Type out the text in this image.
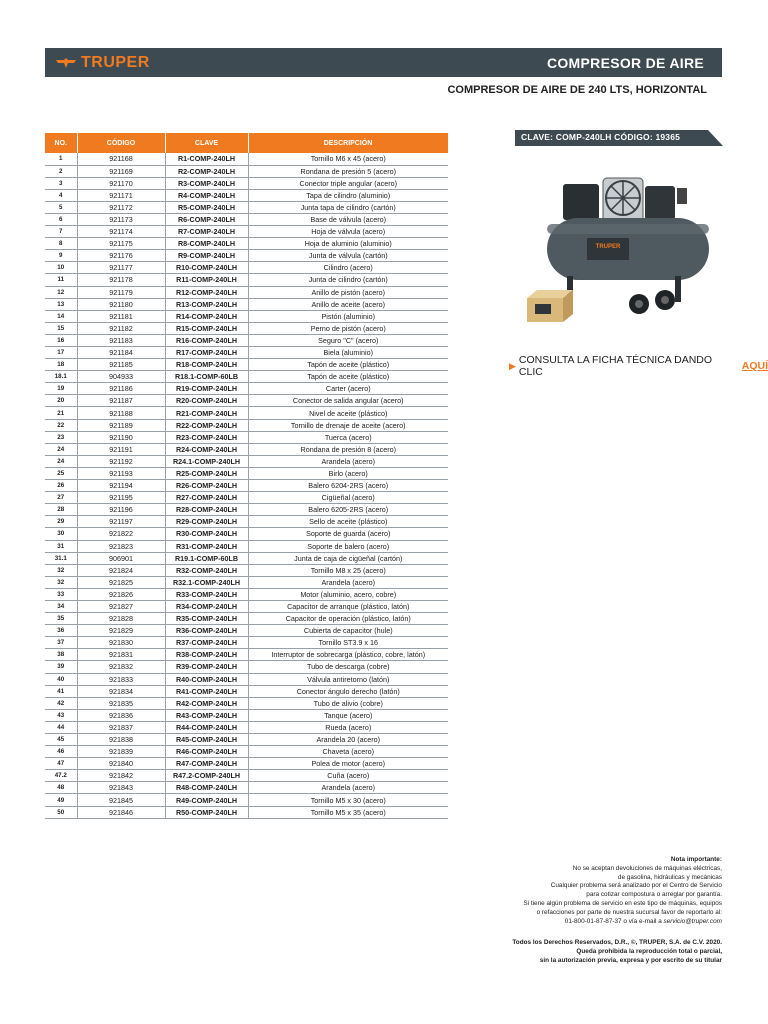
TRUPER	COMPRESOR DE AIRE
COMPRESOR DE AIRE DE 240 LTS, HORIZONTAL
NO.	CÓDIGO	CLAVE	DESCRIPCIÓN
1	921168	R1-COMP-240LH	Tornillo M6 x 45 (acero)
2	921169	R2-COMP-240LH	Rondana de presión 5 (acero)
3	921170	R3-COMP-240LH	Conector triple angular (acero)
4	921171	R4-COMP-240LH	Tapa de cilindro (aluminio)
5	921172	R5-COMP-240LH	Junta tapa de cilindro (cartón)
6	921173	R6-COMP-240LH	Base de válvula (acero)
7	921174	R7-COMP-240LH	Hoja de válvula (acero)
8	921175	R8-COMP-240LH	Hoja de aluminio (aluminio)
9	921176	R9-COMP-240LH	Junta de válvula (cartón)
10	921177	R10-COMP-240LH	Cilindro (acero)
11	921178	R11-COMP-240LH	Junta de cilindro (cartón)
12	921179	R12-COMP-240LH	Anillo de pistón (acero)
13	921180	R13-COMP-240LH	Anillo de aceite (acero)
14	921181	R14-COMP-240LH	Pistón (aluminio)
15	921182	R15-COMP-240LH	Perno de pistón (acero)
16	921183	R16-COMP-240LH	Seguro "C" (acero)
17	921184	R17-COMP-240LH	Biela (aluminio)
18	921185	R18-COMP-240LH	Tapón de aceite (plástico)
18.1	904933	R18.1-COMP-60LB	Tapón de aceite (plástico)
19	921186	R19-COMP-240LH	Carter (acero)
20	921187	R20-COMP-240LH	Conector de salida angular (acero)
21	921188	R21-COMP-240LH	Nivel de aceite (plástico)
22	921189	R22-COMP-240LH	Tornillo de drenaje de aceite (acero)
23	921190	R23-COMP-240LH	Tuerca (acero)
24	921191	R24-COMP-240LH	Rondana de presión 8 (acero)
24	921192	R24.1-COMP-240LH	Arandela (acero)
25	921193	R25-COMP-240LH	Birlo (acero)
26	921194	R26-COMP-240LH	Balero 6204-2RS (acero)
27	921195	R27-COMP-240LH	Cigüeñal (acero)
28	921196	R28-COMP-240LH	Balero 6205-2RS (acero)
29	921197	R29-COMP-240LH	Sello de aceite (plástico)
30	921822	R30-COMP-240LH	Soporte de guarda (acero)
31	921823	R31-COMP-240LH	Soporte de balero (acero)
31.1	906901	R19.1-COMP-60LB	Junta de caja de cigüeñal (cartón)
32	921824	R32-COMP-240LH	Tornillo M8 x 25 (acero)
32	921825	R32.1-COMP-240LH	Arandela (acero)
33	921826	R33-COMP-240LH	Motor (aluminio, acero, cobre)
34	921827	R34-COMP-240LH	Capacitor de arranque (plástico, latón)
35	921828	R35-COMP-240LH	Capacitor de operación (plástico, latón)
36	921829	R36-COMP-240LH	Cubierta de capacitor (hule)
37	921830	R37-COMP-240LH	Tornillo ST3.9 x 16
38	921831	R38-COMP-240LH	Interruptor de sobrecarga (plástico, cobre, latón)
39	921832	R39-COMP-240LH	Tubo de descarga (cobre)
40	921833	R40-COMP-240LH	Válvula antiretorno (latón)
41	921834	R41-COMP-240LH	Conector ángulo derecho (latón)
42	921835	R42-COMP-240LH	Tubo de alivio (cobre)
43	921836	R43-COMP-240LH	Tanque (acero)
44	921837	R44-COMP-240LH	Rueda (acero)
45	921838	R45-COMP-240LH	Arandela 20 (acero)
46	921839	R46-COMP-240LH	Chaveta (acero)
47	921840	R47-COMP-240LH	Polea de motor (acero)
47.2	921842	R47.2-COMP-240LH	Cuña (acero)
48	921843	R48-COMP-240LH	Arandela (acero)
49	921845	R49-COMP-240LH	Tornillo M5 x 30 (acero)
50	921846	R50-COMP-240LH	Tornillo M5 x 35 (acero)
CLAVE: COMP-240LH CÓDIGO: 19365
TRUPER
▶ CONSULTA LA FICHA TÉCNICA DANDO CLIC	AQUÍ
Nota importante:
No se aceptan devoluciones de máquinas eléctricas,
de gasolina, hidráulicas y mecánicas
Cualquier problema será analizado por el Centro de Servicio
para cotizar compostura o arreglar por garantía.
Si tiene algún problema de servicio en este tipo de máquinas, equipos
o refacciones por parte de nuestra sucursal favor de reportarlo al:
01-800-01-87-87-37 o vía e-mail a servicio@truper.com
Todos los Derechos Reservados, D.R., ©, TRUPER, S.A. de C.V. 2020.
Queda prohibida la reproducción total o parcial,
sin la autorización previa, expresa y por escrito de su titular
